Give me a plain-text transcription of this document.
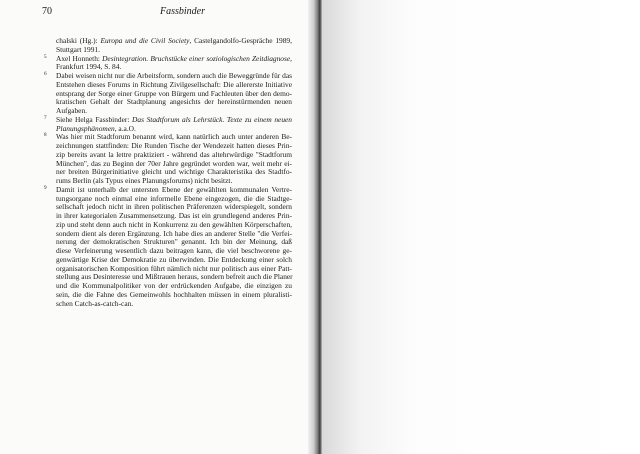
70	Fassbinder
chalski (Hg.): Europa und die Civil Society, Castelgandolfo-Gespräche 1989,
Stuttgart 1991.
5 Axel Honneth: Desintegration. Bruchstücke einer soziologischen Zeitdiagnose,
Frankfurt 1994, S. 84.
6 Dabei weisen nicht nur die Arbeitsform, sondern auch die Beweggründe für das
Entstehen dieses Forums in Richtung Zivilgesellschaft: Die allererste Initiative
entsprang der Sorge einer Gruppe von Bürgern und Fachleuten über den demo-
kratischen Gehalt der Stadtplanung angesichts der hereinstürmenden neuen
Aufgaben.
7 Siehe Helga Fassbinder: Das Stadtforum als Lehrstück. Texte zu einem neuen
Planungsphänomen, a.a.O.
8 Was hier mit Stadtforum benannt wird, kann natürlich auch unter anderen Be-
zeichnungen stattfinden: Die Runden Tische der Wendezeit hatten dieses Prin-
zip bereits avant la lettre praktiziert - während das altehrwürdige "Stadtforum
München", das zu Beginn der 70er Jahre gegründet worden war, weit mehr ei-
ner breiten Bürgerinitiative gleicht und wichtige Charakteristika des Stadtfo-
rums Berlin (als Typus eines Planungsforums) nicht besitzt.
9 Damit ist unterhalb der untersten Ebene der gewählten kommunalen Vertre-
tungsorgane noch einmal eine informelle Ebene eingezogen, die die Stadtge-
sellschaft jedoch nicht in ihren politischen Präferenzen widerspiegelt, sondern
in ihrer kategorialen Zusammensetzung. Das ist ein grundlegend anderes Prin-
zip und steht denn auch nicht in Konkurrenz zu den gewählten Körperschaften,
sondern dient als deren Ergänzung. Ich habe dies an anderer Stelle "die Verfei-
nerung der demokratischen Strukturen" genannt. Ich bin der Meinung, daß
diese Verfeinerung wesentlich dazu beitragen kann, die viel beschworene ge-
genwärtige Krise der Demokratie zu überwinden. Die Entdeckung einer solch
organisatorischen Komposition führt nämlich nicht nur politisch aus einer Patt-
stellung aus Desinteresse und Mißtrauen heraus, sondern befreit auch die Planer
und die Kommunalpolitiker von der erdrückenden Aufgabe, die einzigen zu
sein, die die Fahne des Gemeinwohls hochhalten müssen in einem pluralisti-
schen Catch-as-catch-can.
